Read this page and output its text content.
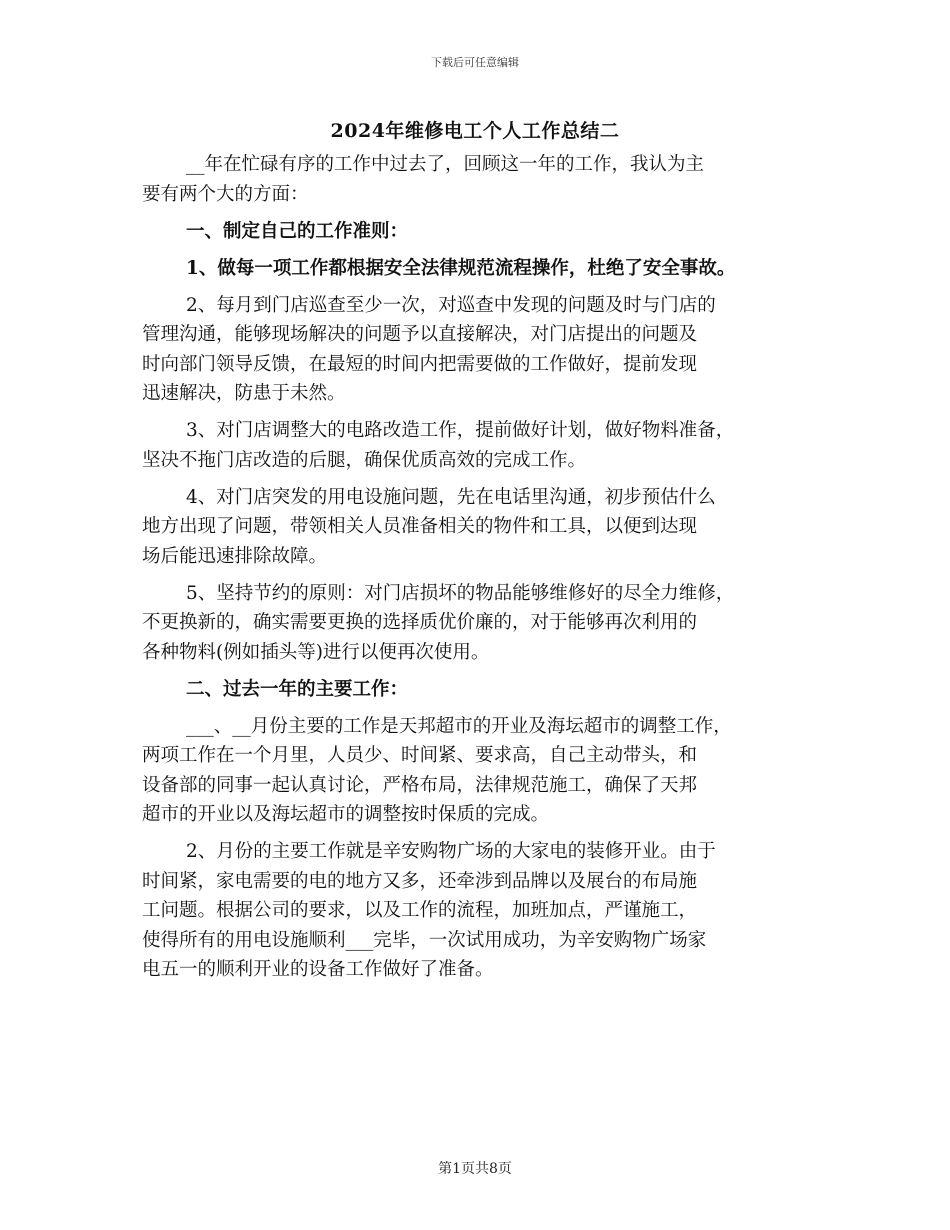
下载后可任意编辑
2024年维修电工个人工作总结二
__年在忙碌有序的工作中过去了，回顾这一年的工作，我认为主
要有两个大的方面：
一、制定自己的工作准则：
1、做每一项工作都根据安全法律规范流程操作，杜绝了安全事故。
2、每月到门店巡查至少一次，对巡查中发现的问题及时与门店的
管理沟通，能够现场解决的问题予以直接解决，对门店提出的问题及
时向部门领导反馈，在最短的时间内把需要做的工作做好，提前发现
迅速解决，防患于未然。
3、对门店调整大的电路改造工作，提前做好计划，做好物料准备，
坚决不拖门店改造的后腿，确保优质高效的完成工作。
4、对门店突发的用电设施问题，先在电话里沟通，初步预估什么
地方出现了问题，带领相关人员准备相关的物件和工具，以便到达现
场后能迅速排除故障。
5、坚持节约的原则：对门店损坏的物品能够维修好的尽全力维修，
不更换新的，确实需要更换的选择质优价廉的，对于能够再次利用的
各种物料(例如插头等)进行以便再次使用。
二、过去一年的主要工作：
___、__月份主要的工作是天邦超市的开业及海坛超市的调整工作，
两项工作在一个月里，人员少、时间紧、要求高，自己主动带头，和
设备部的同事一起认真讨论，严格布局，法律规范施工，确保了天邦
超市的开业以及海坛超市的调整按时保质的完成。
2、月份的主要工作就是辛安购物广场的大家电的装修开业。由于
时间紧，家电需要的电的地方又多，还牵涉到品牌以及展台的布局施
工问题。根据公司的要求，以及工作的流程，加班加点，严谨施工，
使得所有的用电设施顺利___完毕，一次试用成功，为辛安购物广场家
电五一的顺利开业的设备工作做好了准备。
第1页共8页
